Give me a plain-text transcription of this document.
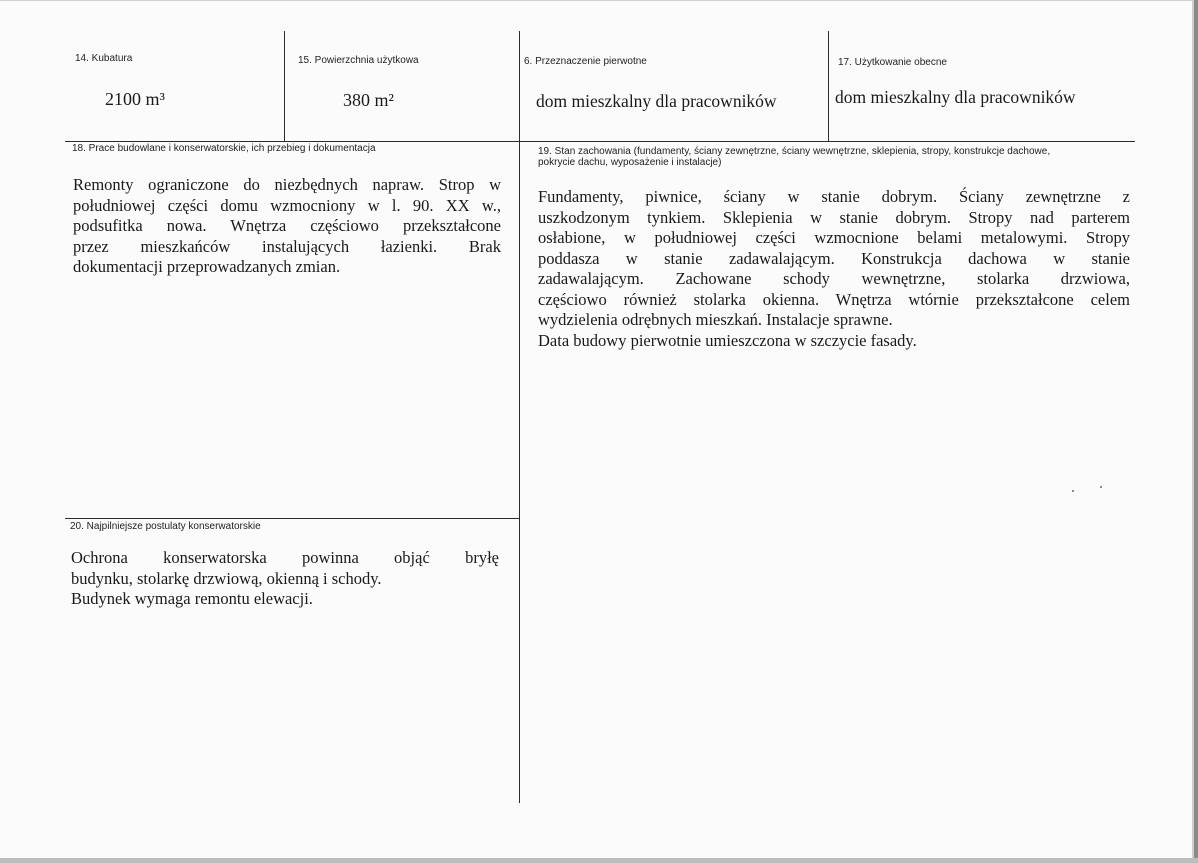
14. Kubatura	15. Powierzchnia użytkowa	6. Przeznaczenie pierwotne	17. Użytkowanie obecne
2100 m³	380 m²	dom mieszkalny dla pracowników	dom mieszkalny dla pracowników
18. Prace budowlane i konserwatorskie, ich przebieg i dokumentacja
Remonty ograniczone do niezbędnych napraw. Strop w
południowej części domu wzmocniony w l. 90. XX w.,
podsufitka nowa. Wnętrza częściowo przekształcone
przez mieszkańców instalujących łazienki. Brak
dokumentacji przeprowadzanych zmian.
19. Stan zachowania (fundamenty, ściany zewnętrzne, ściany wewnętrzne, sklepienia, stropy, konstrukcje dachowe,
pokrycie dachu, wyposażenie i instalacje)
Fundamenty, piwnice, ściany w stanie dobrym. Ściany zewnętrzne z
uszkodzonym tynkiem. Sklepienia w stanie dobrym. Stropy nad parterem
osłabione, w południowej części wzmocnione belami metalowymi. Stropy
poddasza w stanie zadawalającym. Konstrukcja dachowa w stanie
zadawalającym. Zachowane schody wewnętrzne, stolarka drzwiowa,
częściowo również stolarka okienna. Wnętrza wtórnie przekształcone celem
wydzielenia odrębnych mieszkań. Instalacje sprawne.
Data budowy pierwotnie umieszczona w szczycie fasady.
20. Najpilniejsze postulaty konserwatorskie
Ochrona konserwatorska powinna objąć bryłę
budynku, stolarkę drzwiową, okienną i schody.
Budynek wymaga remontu elewacji.
